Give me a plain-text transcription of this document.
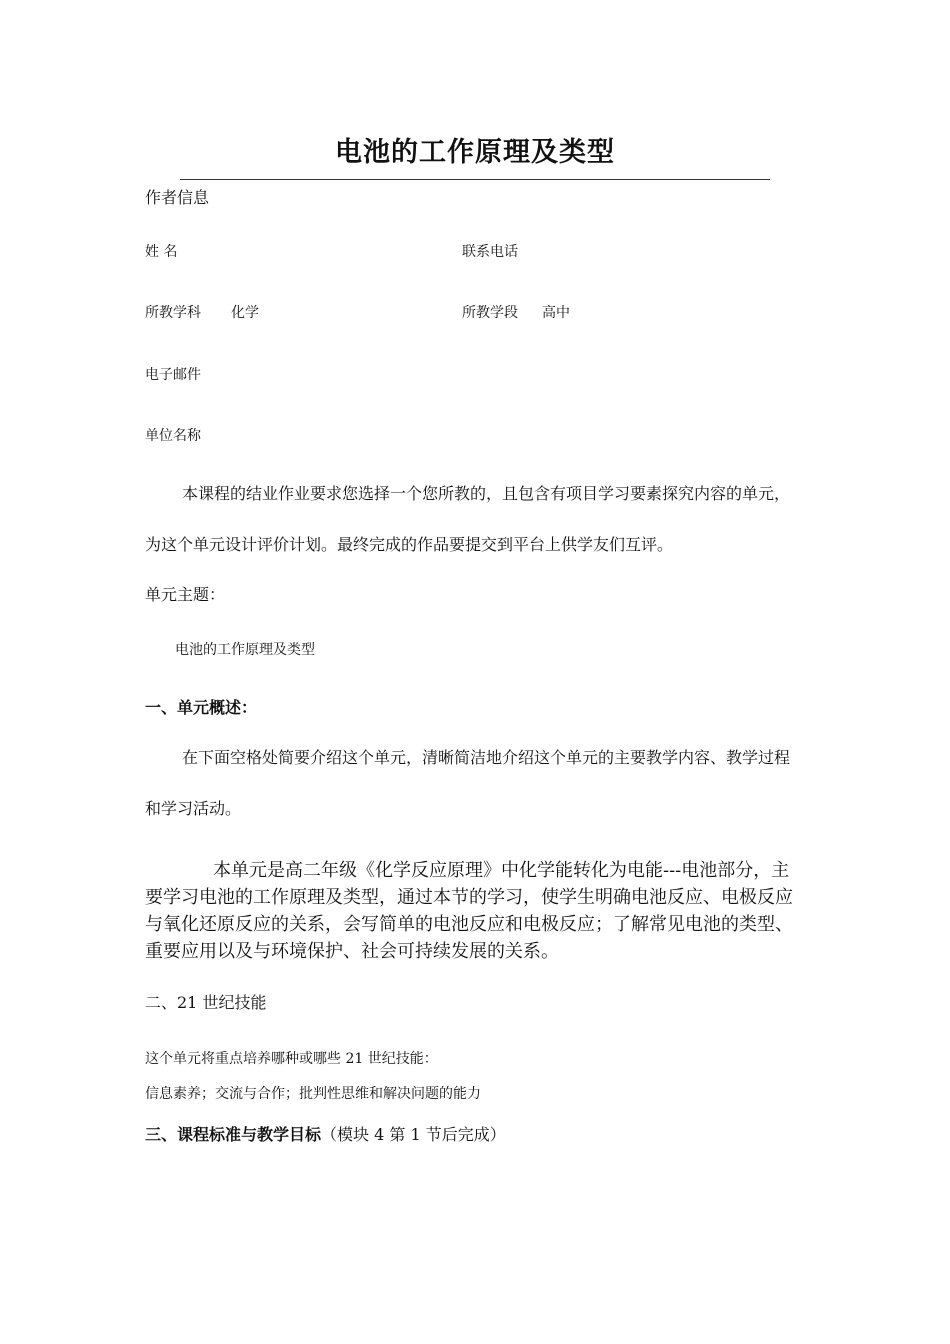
电池的工作原理及类型
作者信息
姓 名	联系电话
所教学科 化学	所教学段 高中
电子邮件
单位名称
本课程的结业作业要求您选择一个您所教的，且包含有项目学习要素探究内容的单元，
为这个单元设计评价计划。最终完成的作品要提交到平台上供学友们互评。
单元主题：
电池的工作原理及类型
一、单元概述：
在下面空格处简要介绍这个单元，清晰简洁地介绍这个单元的主要教学内容、教学过程
和学习活动。
本单元是高二年级《化学反应原理》中化学能转化为电能---电池部分，主要学习电池的工作原理及类型，通过本节的学习，使学生明确电池反应、电极反应与氧化还原反应的关系，会写简单的电池反应和电极反应；了解常见电池的类型、重要应用以及与环境保护、社会可持续发展的关系。
二、21 世纪技能
这个单元将重点培养哪种或哪些 21 世纪技能：
信息素养；交流与合作；批判性思维和解决问题的能力
三、课程标准与教学目标（模块 4 第 1 节后完成）
